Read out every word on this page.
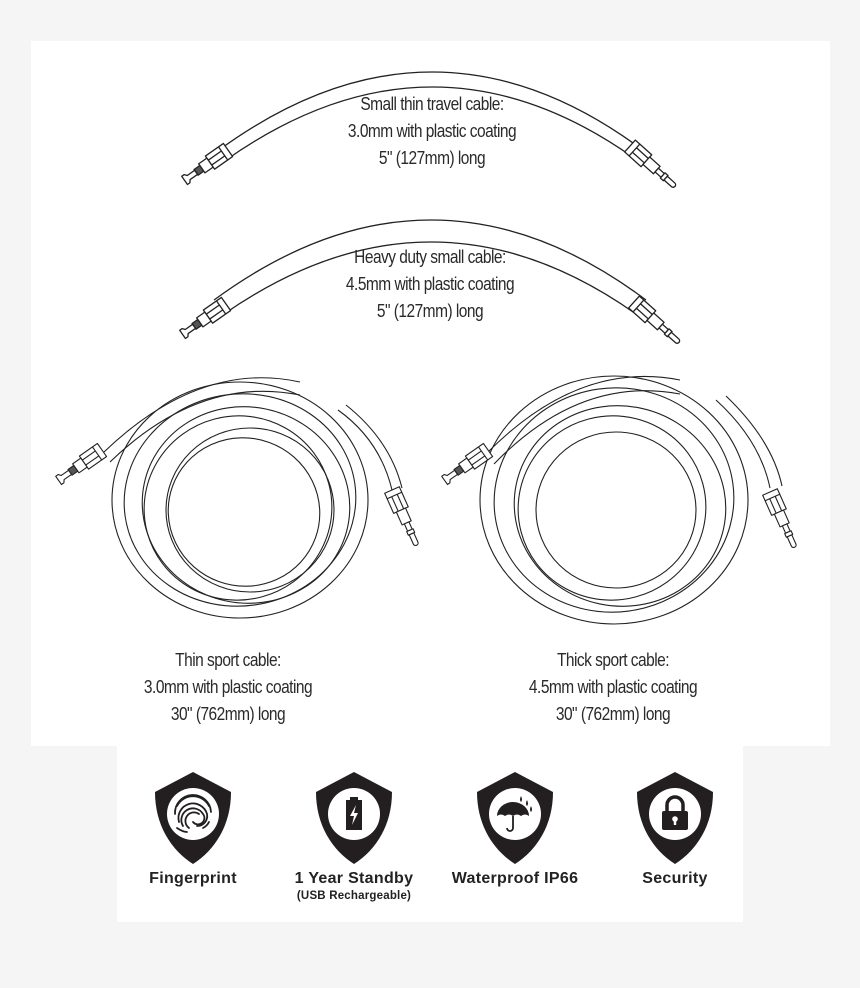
Small thin travel cable:
3.0mm with plastic coating
5" (127mm) long
Heavy duty small cable:
4.5mm with plastic coating
5" (127mm) long
Thin sport cable:
3.0mm with plastic coating
30" (762mm) long
Thick sport cable:
4.5mm with plastic coating
30" (762mm) long
Fingerprint	1 Year Standby
(USB Rechargeable)
Waterproof IP66	Security
